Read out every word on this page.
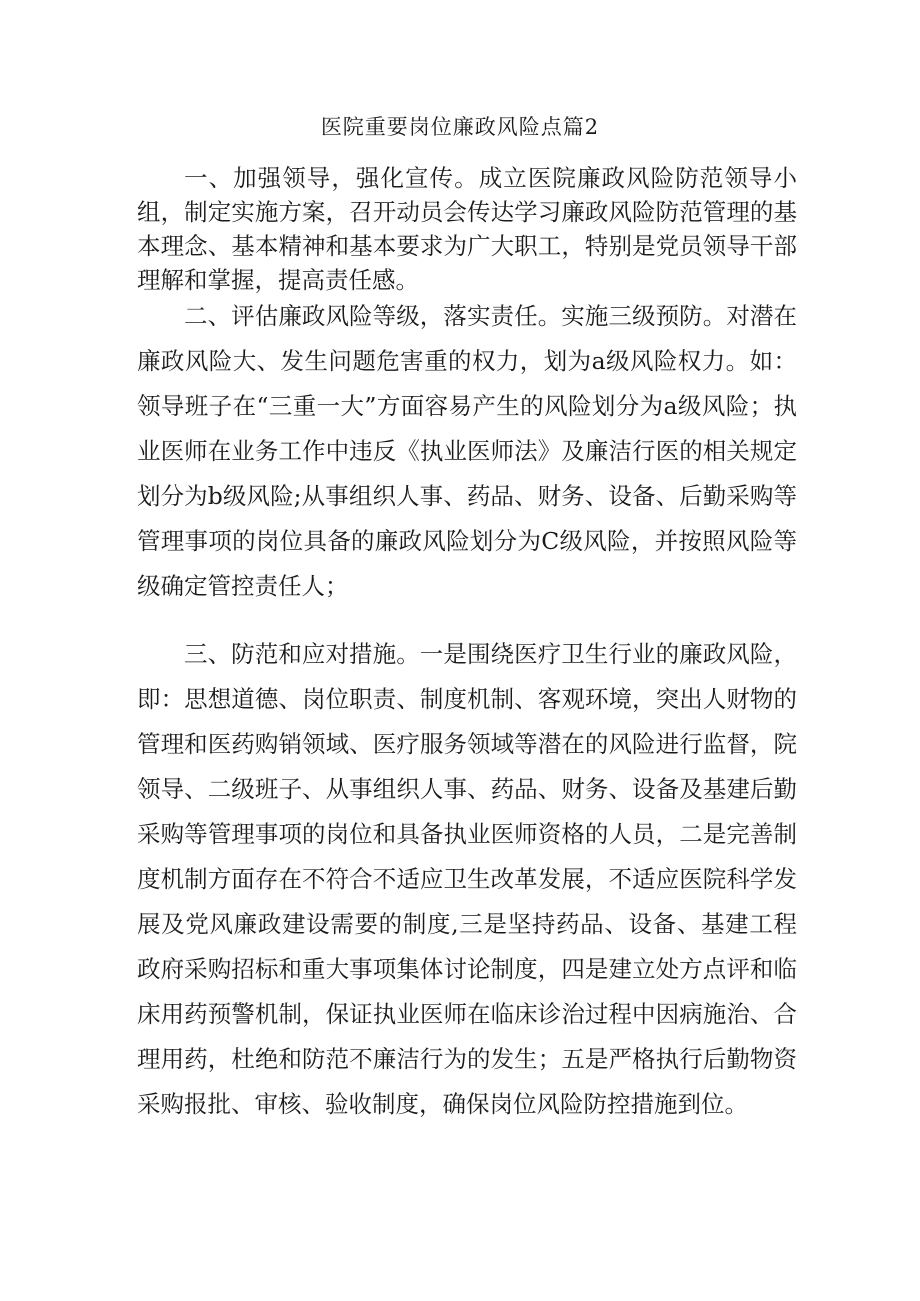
医院重要岗位廉政风险点篇2

一、加强领导，强化宣传。成立医院廉政风险防范领导小组，制定实施方案，召开动员会传达学习廉政风险防范管理的基本理念、基本精神和基本要求为广大职工，特别是党员领导干部理解和掌握，提高责任感。

二、评估廉政风险等级，落实责任。实施三级预防。对潜在廉政风险大、发生问题危害重的权力，划为a级风险权力。如：领导班子在“三重一大”方面容易产生的风险划分为a级风险；执业医师在业务工作中违反《执业医师法》及廉洁行医的相关规定划分为b级风险;从事组织人事、药品、财务、设备、后勤采购等管理事项的岗位具备的廉政风险划分为C级风险，并按照风险等级确定管控责任人；

三、防范和应对措施。一是围绕医疗卫生行业的廉政风险，即：思想道德、岗位职责、制度机制、客观环境，突出人财物的管理和医药购销领域、医疗服务领域等潜在的风险进行监督，院领导、二级班子、从事组织人事、药品、财务、设备及基建后勤采购等管理事项的岗位和具备执业医师资格的人员，二是完善制度机制方面存在不符合不适应卫生改革发展，不适应医院科学发展及党风廉政建设需要的制度,三是坚持药品、设备、基建工程政府采购招标和重大事项集体讨论制度，四是建立处方点评和临床用药预警机制，保证执业医师在临床诊治过程中因病施治、合理用药，杜绝和防范不廉洁行为的发生；五是严格执行后勤物资采购报批、审核、验收制度，确保岗位风险防控措施到位。
